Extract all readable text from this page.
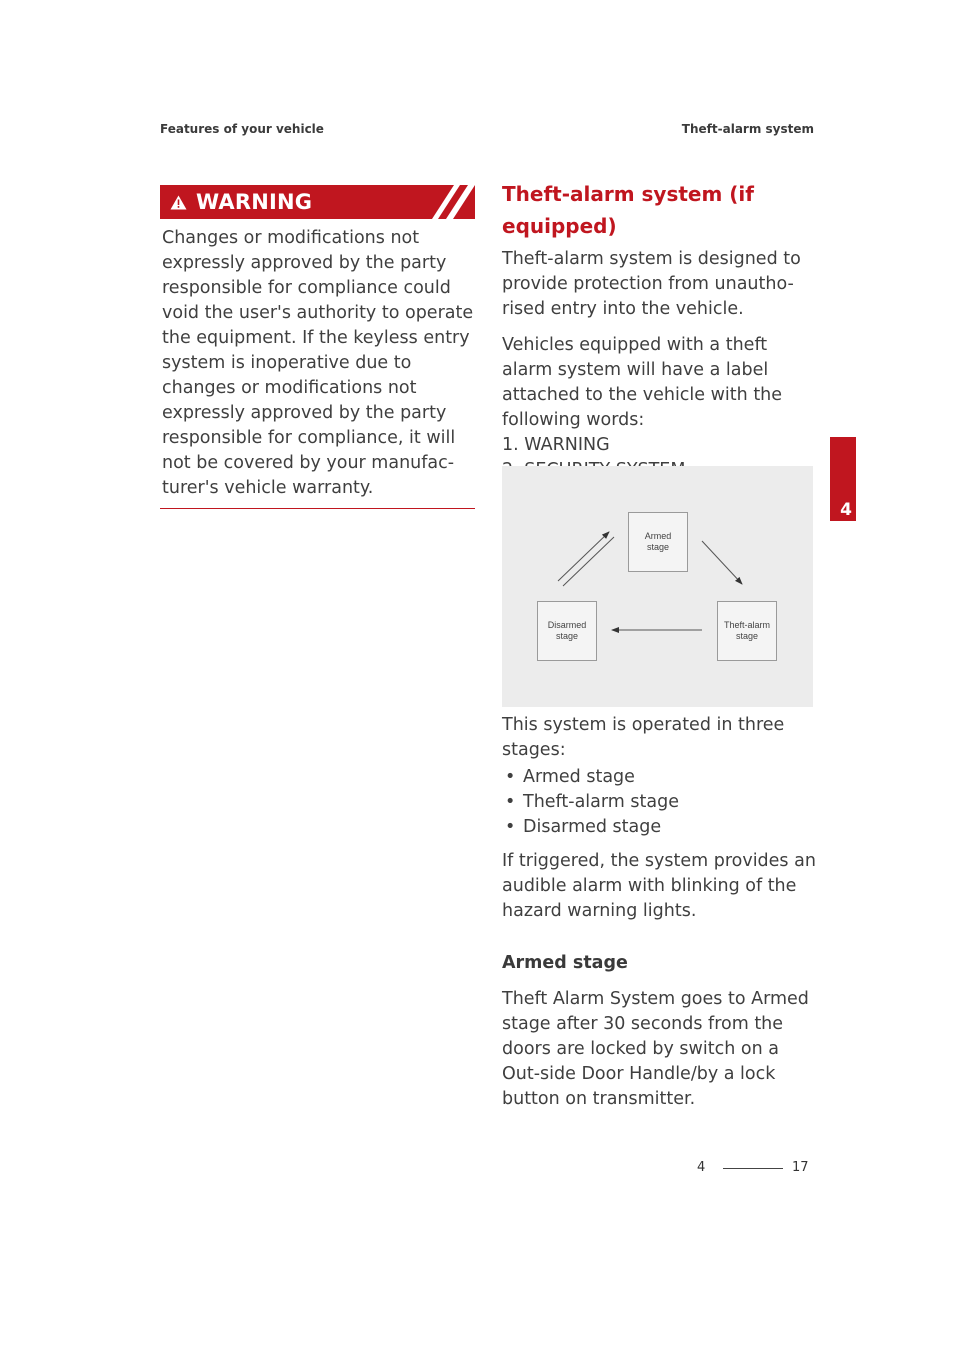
Features of your vehicle	Theft-alarm system
WARNING
Changes or modifications not expressly approved by the party responsible for compliance could void the user's authority to operate the equipment. If the keyless entry system is inoperative due to changes or modifications not expressly approved by the party responsible for compliance, it will not be covered by your manufac-turer's vehicle warranty.
Theft-alarm system (if equipped)
Theft-alarm system is designed to provide protection from unautho-rised entry into the vehicle.
Vehicles equipped with a theft alarm system will have a label attached to the vehicle with the following words:
1. WARNING
Armed
stage
Theft-alarm
stage
Disarmed
stage
This system is operated in three stages:
• Armed stage
• Theft-alarm stage
• Disarmed stage
If triggered, the system provides an audible alarm with blinking of the hazard warning lights.
Armed stage
Theft Alarm System goes to Armed stage after 30 seconds from the doors are locked by switch on a Out-side Door Handle/by a lock button on transmitter.
4
4	17
